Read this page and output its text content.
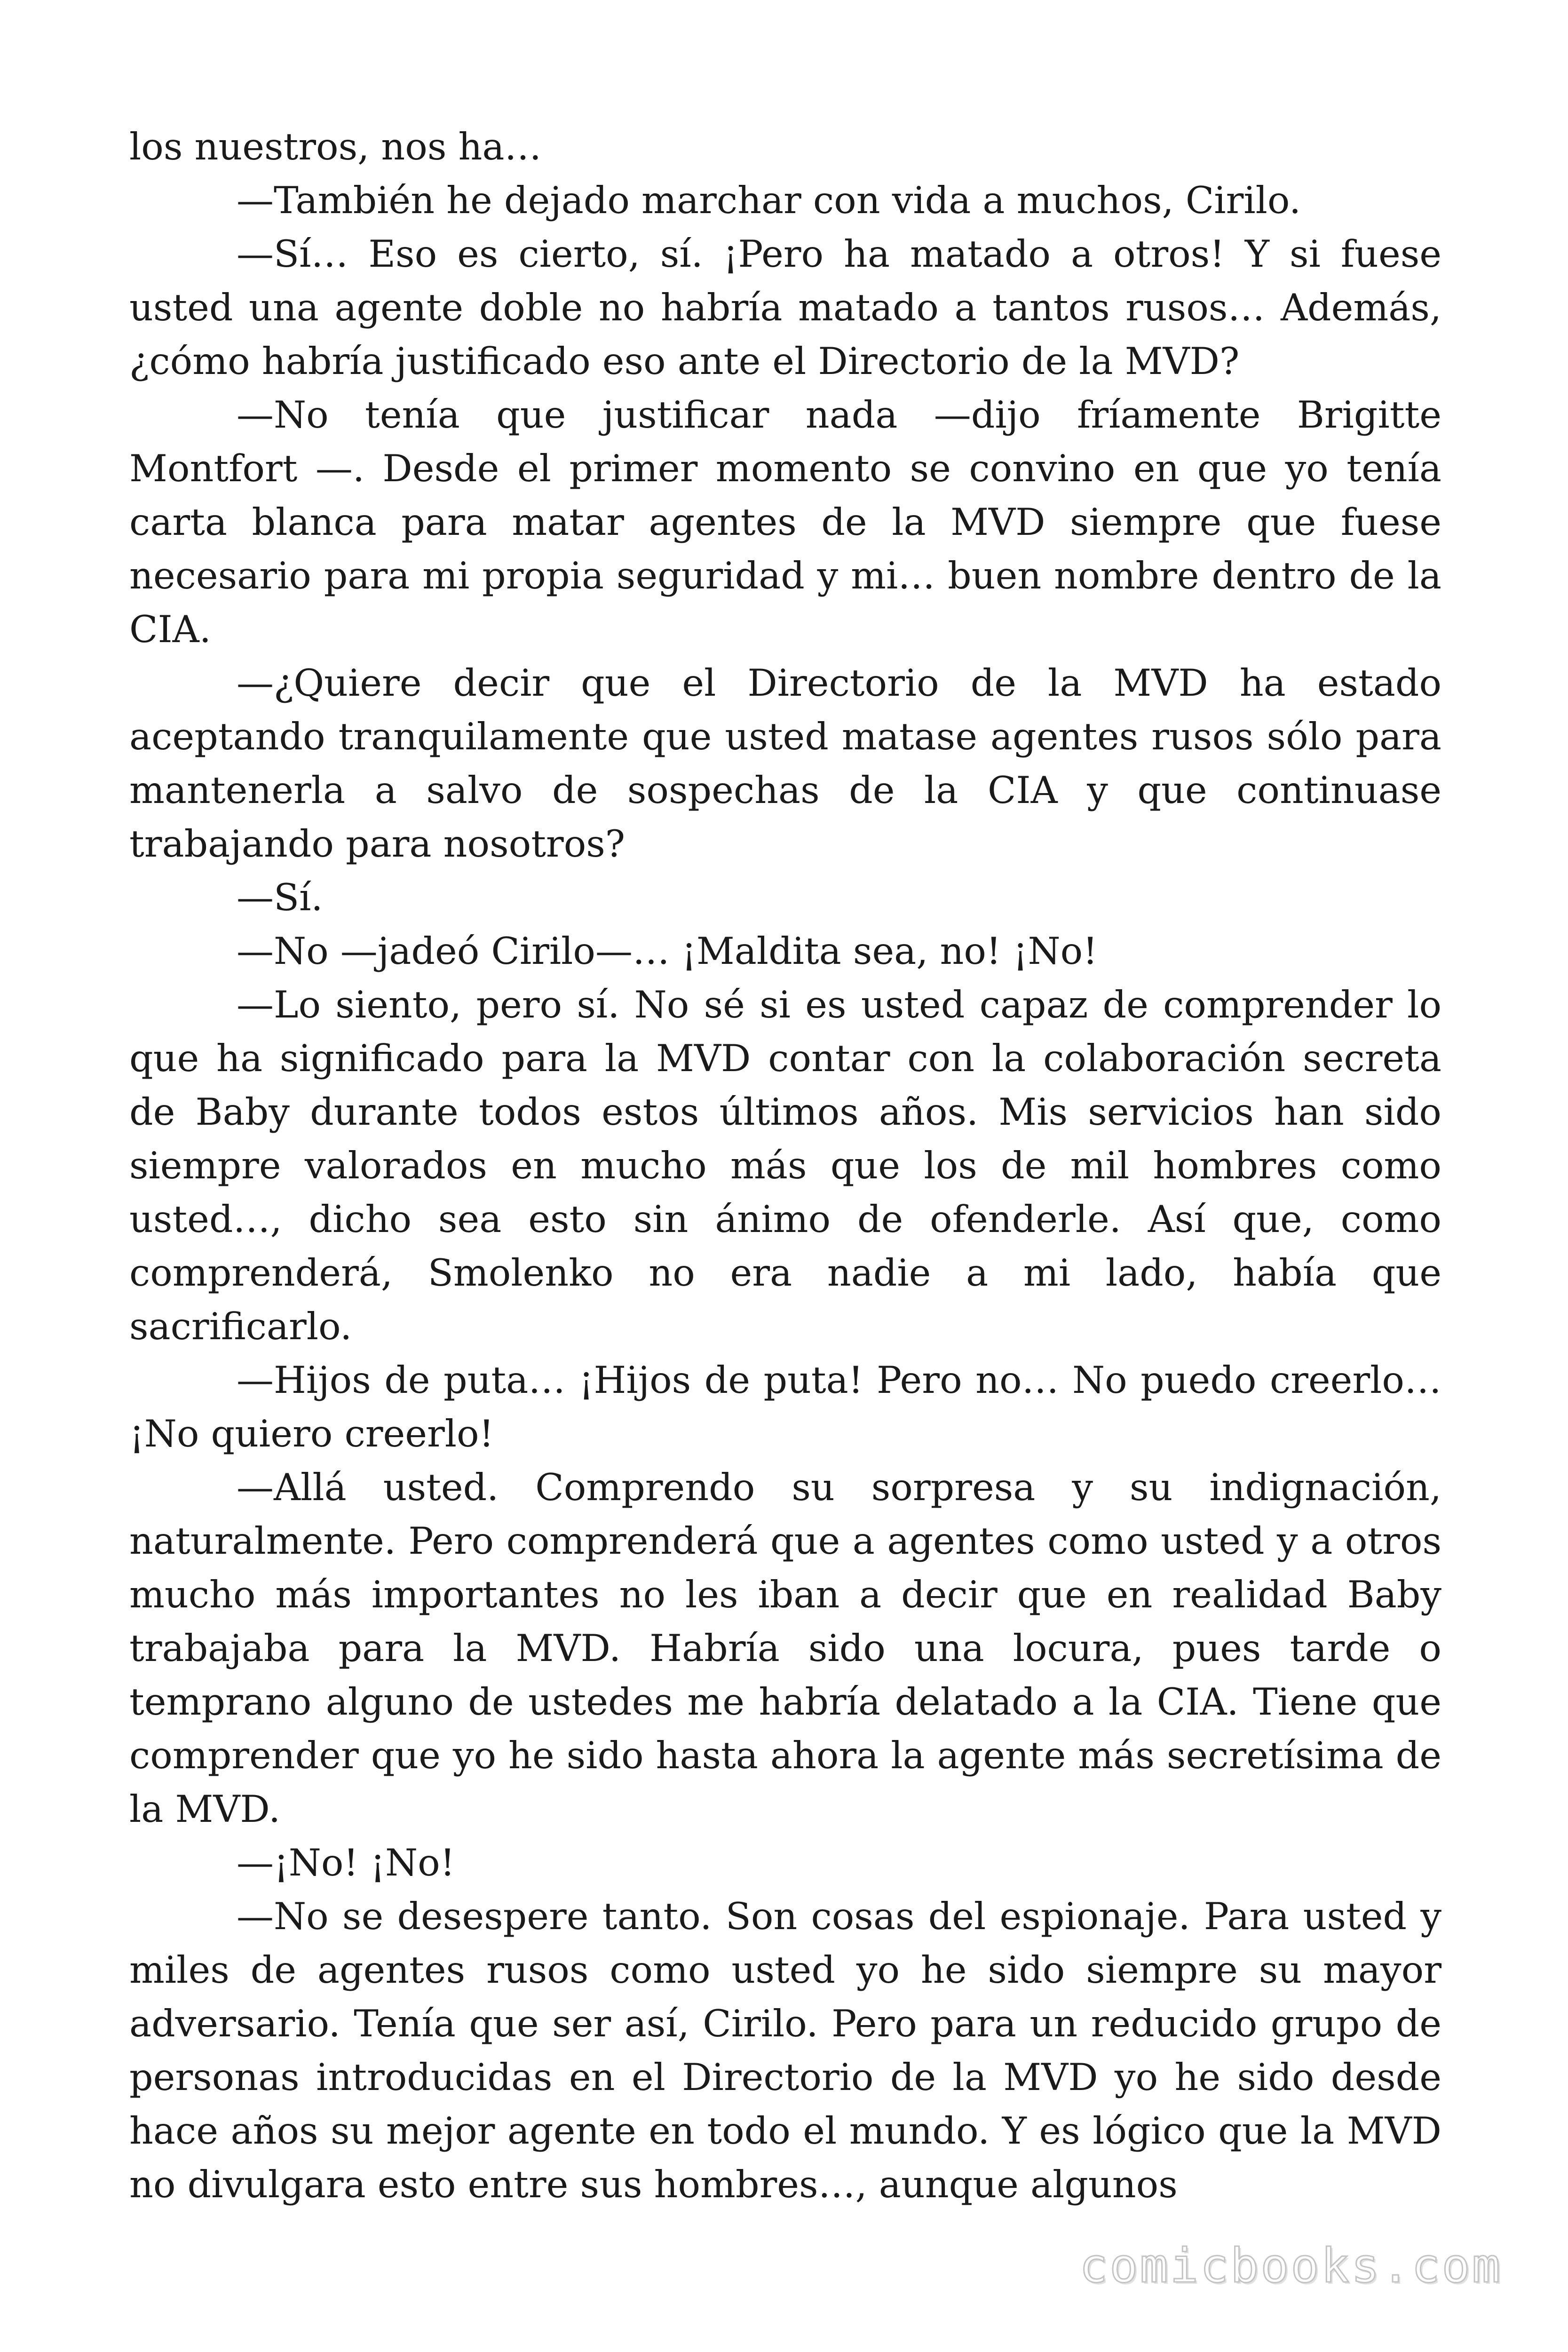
los nuestros, nos ha…

—También he dejado marchar con vida a muchos, Cirilo.

—Sí… Eso es cierto, sí. ¡Pero ha matado a otros! Y si fuese usted una agente doble no habría matado a tantos rusos… Además, ¿cómo habría justificado eso ante el Directorio de la MVD?

—No tenía que justificar nada —dijo fríamente Brigitte Montfort —. Desde el primer momento se convino en que yo tenía carta blanca para matar agentes de la MVD siempre que fuese necesario para mi propia seguridad y mi… buen nombre dentro de la CIA.

—¿Quiere decir que el Directorio de la MVD ha estado aceptando tranquilamente que usted matase agentes rusos sólo para mantenerla a salvo de sospechas de la CIA y que continuase trabajando para nosotros?

—Sí.

—No —jadeó Cirilo—… ¡Maldita sea, no! ¡No!

—Lo siento, pero sí. No sé si es usted capaz de comprender lo que ha significado para la MVD contar con la colaboración secreta de Baby durante todos estos últimos años. Mis servicios han sido siempre valorados en mucho más que los de mil hombres como usted…, dicho sea esto sin ánimo de ofenderle. Así que, como comprenderá, Smolenko no era nadie a mi lado, había que sacrificarlo.

—Hijos de puta… ¡Hijos de puta! Pero no… No puedo creerlo… ¡No quiero creerlo!

—Allá usted. Comprendo su sorpresa y su indignación, naturalmente. Pero comprenderá que a agentes como usted y a otros mucho más importantes no les iban a decir que en realidad Baby trabajaba para la MVD. Habría sido una locura, pues tarde o temprano alguno de ustedes me habría delatado a la CIA. Tiene que comprender que yo he sido hasta ahora la agente más secretísima de la MVD.

—¡No! ¡No!

—No se desespere tanto. Son cosas del espionaje. Para usted y miles de agentes rusos como usted yo he sido siempre su mayor adversario. Tenía que ser así, Cirilo. Pero para un reducido grupo de personas introducidas en el Directorio de la MVD yo he sido desde hace años su mejor agente en todo el mundo. Y es lógico que la MVD no divulgara esto entre sus hombres…, aunque algunos

comicbooks.com
